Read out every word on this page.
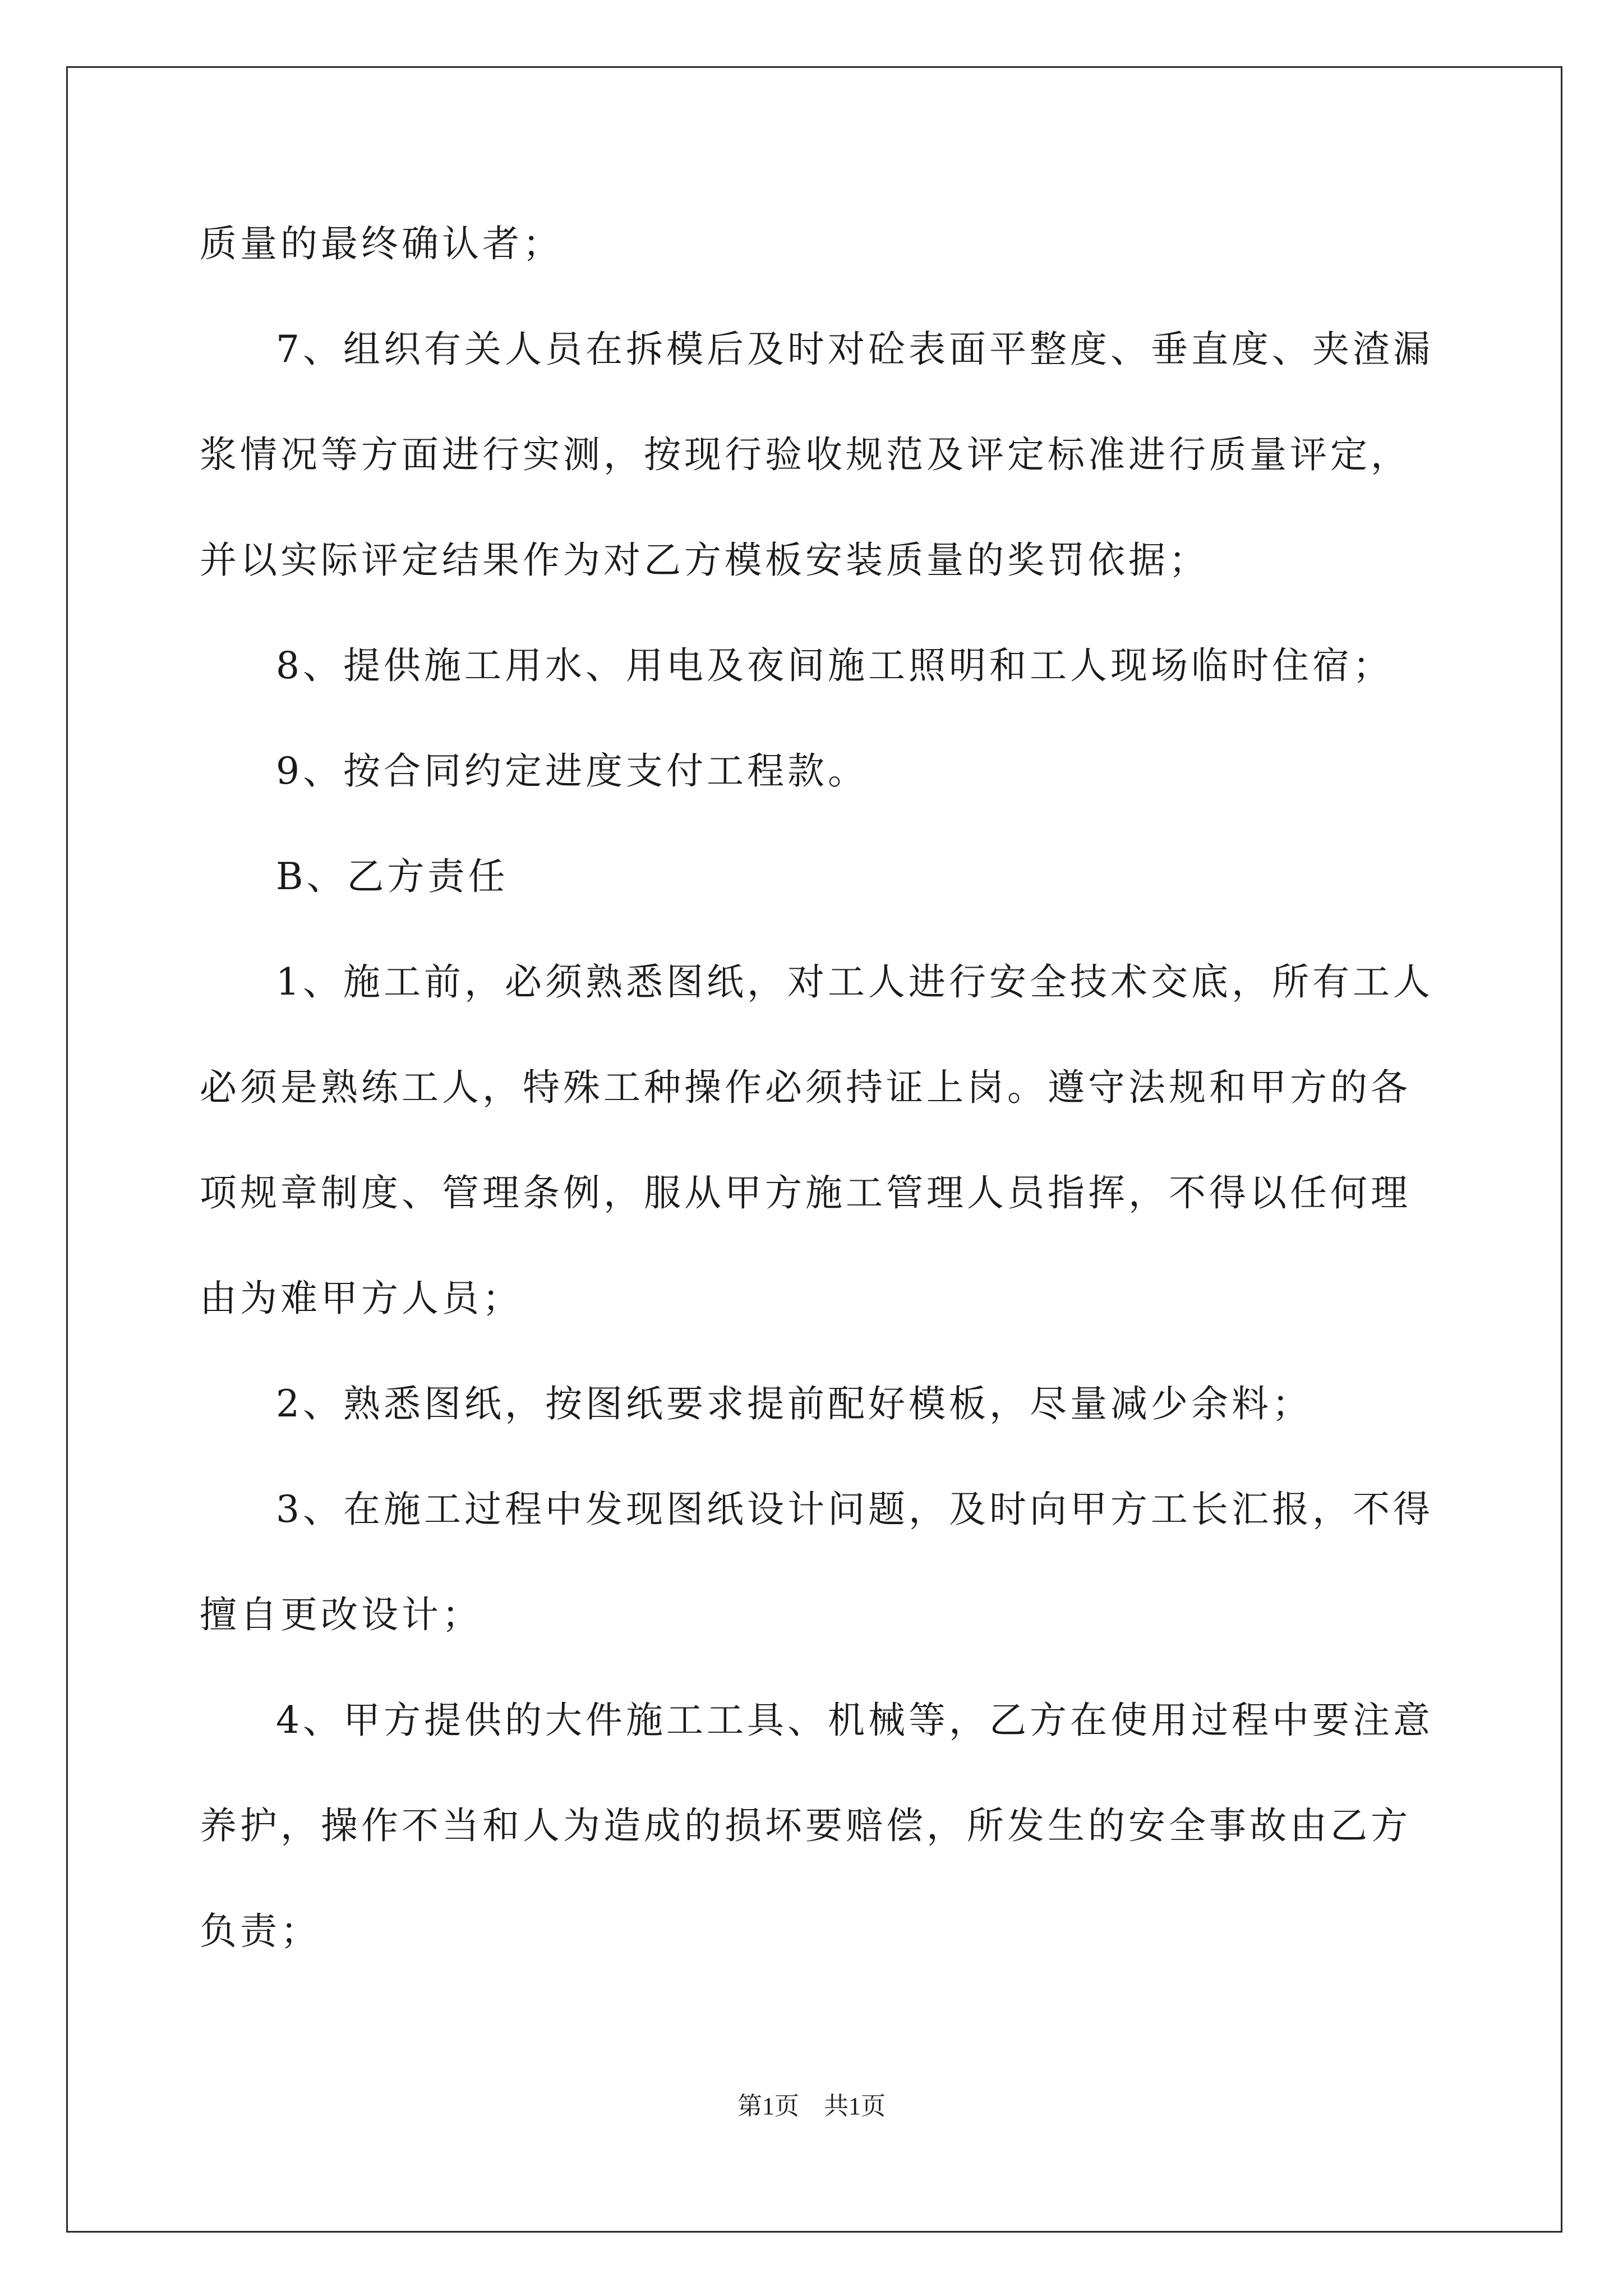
质量的最终确认者；
7、组织有关人员在拆模后及时对砼表面平整度、垂直度、夹渣漏
浆情况等方面进行实测，按现行验收规范及评定标准进行质量评定，
并以实际评定结果作为对乙方模板安装质量的奖罚依据；
8、提供施工用水、用电及夜间施工照明和工人现场临时住宿；
9、按合同约定进度支付工程款。
B、乙方责任
1、施工前，必须熟悉图纸，对工人进行安全技术交底，所有工人
必须是熟练工人，特殊工种操作必须持证上岗。遵守法规和甲方的各
项规章制度、管理条例，服从甲方施工管理人员指挥，不得以任何理
由为难甲方人员；
2、熟悉图纸，按图纸要求提前配好模板，尽量减少余料；
3、在施工过程中发现图纸设计问题，及时向甲方工长汇报，不得
擅自更改设计；
4、甲方提供的大件施工工具、机械等，乙方在使用过程中要注意
养护，操作不当和人为造成的损坏要赔偿，所发生的安全事故由乙方
负责；
第1页　共1页
